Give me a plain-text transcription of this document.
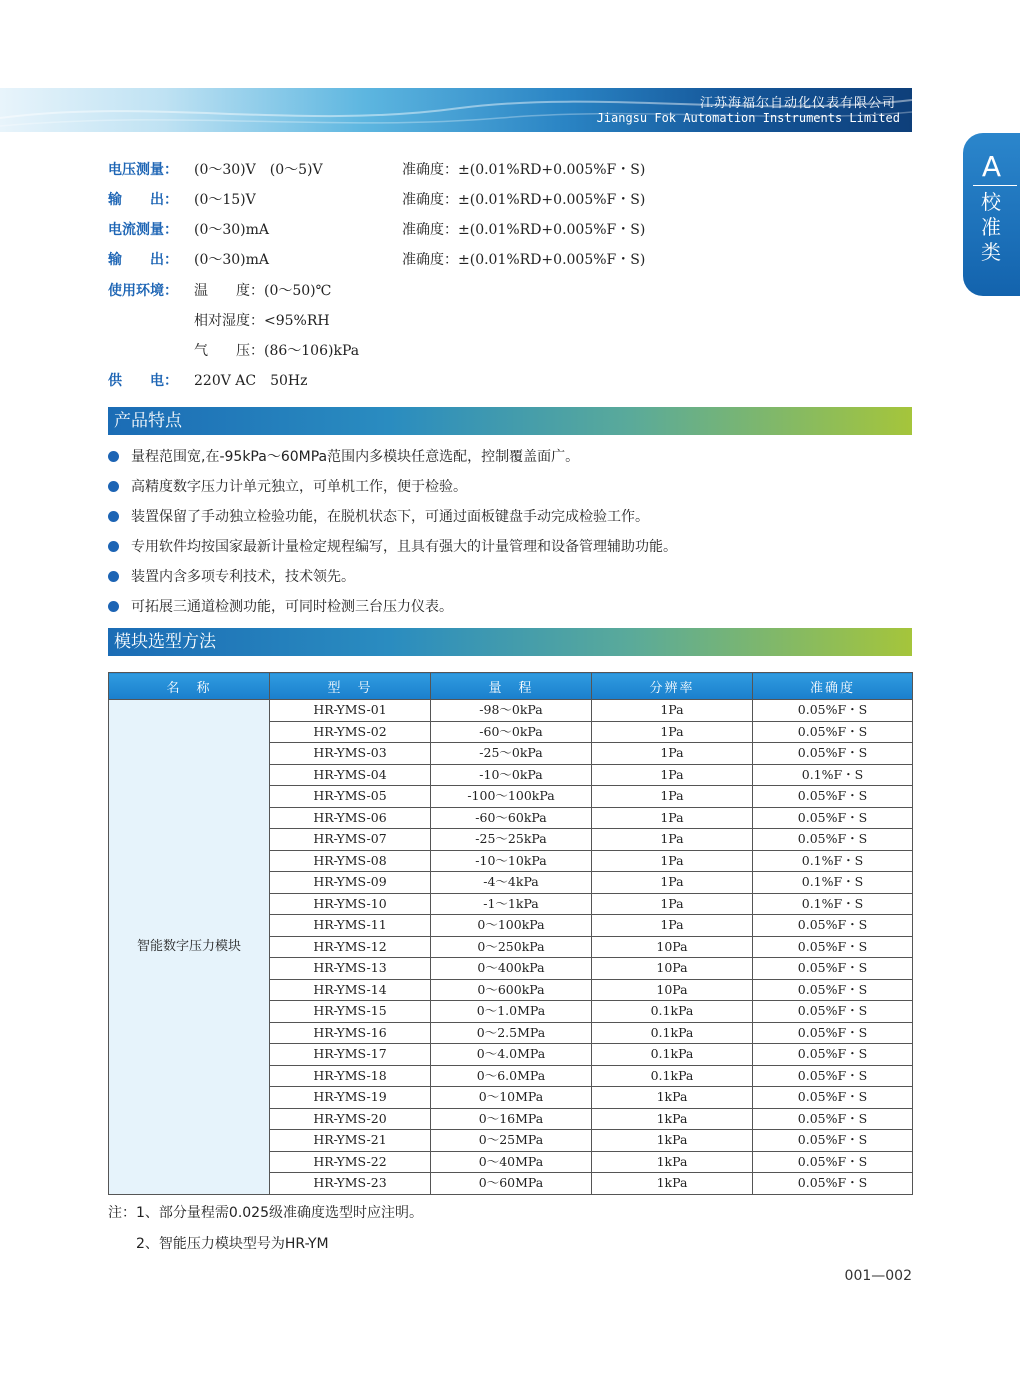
江苏海福尔自动化仪表有限公司
Jiangsu Fok Automation Instruments Limited
A
校准类
电压测量： (0～30)V　(0～5)V	准确度：±(0.01%RD+0.005%F・S)
输　　出： (0～15)V	准确度：±(0.01%RD+0.005%F・S)
电流测量： (0～30)mA	准确度：±(0.01%RD+0.005%F・S)
输　　出： (0～30)mA	准确度：±(0.01%RD+0.005%F・S)
使用环境： 温　　度：(0～50)℃
相对湿度：<95%RH
气　　压：(86～106)kPa
供　　电： 220V AC　50Hz
产品特点
量程范围宽,在-95kPa～60MPa范围内多模块任意选配，控制覆盖面广。
高精度数字压力计单元独立，可单机工作，便于检验。
装置保留了手动独立检验功能，在脱机状态下，可通过面板键盘手动完成检验工作。
专用软件均按国家最新计量检定规程编写，且具有强大的计量管理和设备管理辅助功能。
装置内含多项专利技术，技术领先。
可拓展三通道检测功能，可同时检测三台压力仪表。
模块选型方法
名　称	型　号	量　程	分辨率	准确度
智能数字压力模块	HR-YMS-01	-98～0kPa	1Pa	0.05%F・S
	HR-YMS-02	-60～0kPa	1Pa	0.05%F・S
	HR-YMS-03	-25～0kPa	1Pa	0.05%F・S
	HR-YMS-04	-10～0kPa	1Pa	0.1%F・S
	HR-YMS-05	-100～100kPa	1Pa	0.05%F・S
	HR-YMS-06	-60～60kPa	1Pa	0.05%F・S
	HR-YMS-07	-25～25kPa	1Pa	0.05%F・S
	HR-YMS-08	-10～10kPa	1Pa	0.1%F・S
	HR-YMS-09	-4～4kPa	1Pa	0.1%F・S
	HR-YMS-10	-1～1kPa	1Pa	0.1%F・S
	HR-YMS-11	0～100kPa	1Pa	0.05%F・S
	HR-YMS-12	0～250kPa	10Pa	0.05%F・S
	HR-YMS-13	0～400kPa	10Pa	0.05%F・S
	HR-YMS-14	0～600kPa	10Pa	0.05%F・S
	HR-YMS-15	0～1.0MPa	0.1kPa	0.05%F・S
	HR-YMS-16	0～2.5MPa	0.1kPa	0.05%F・S
	HR-YMS-17	0～4.0MPa	0.1kPa	0.05%F・S
	HR-YMS-18	0～6.0MPa	0.1kPa	0.05%F・S
	HR-YMS-19	0～10MPa	1kPa	0.05%F・S
	HR-YMS-20	0～16MPa	1kPa	0.05%F・S
	HR-YMS-21	0～25MPa	1kPa	0.05%F・S
	HR-YMS-22	0～40MPa	1kPa	0.05%F・S
	HR-YMS-23	0～60MPa	1kPa	0.05%F・S
注：1、部分量程需0.025级准确度选型时应注明。
2、智能压力模块型号为HR-YM
001—002
